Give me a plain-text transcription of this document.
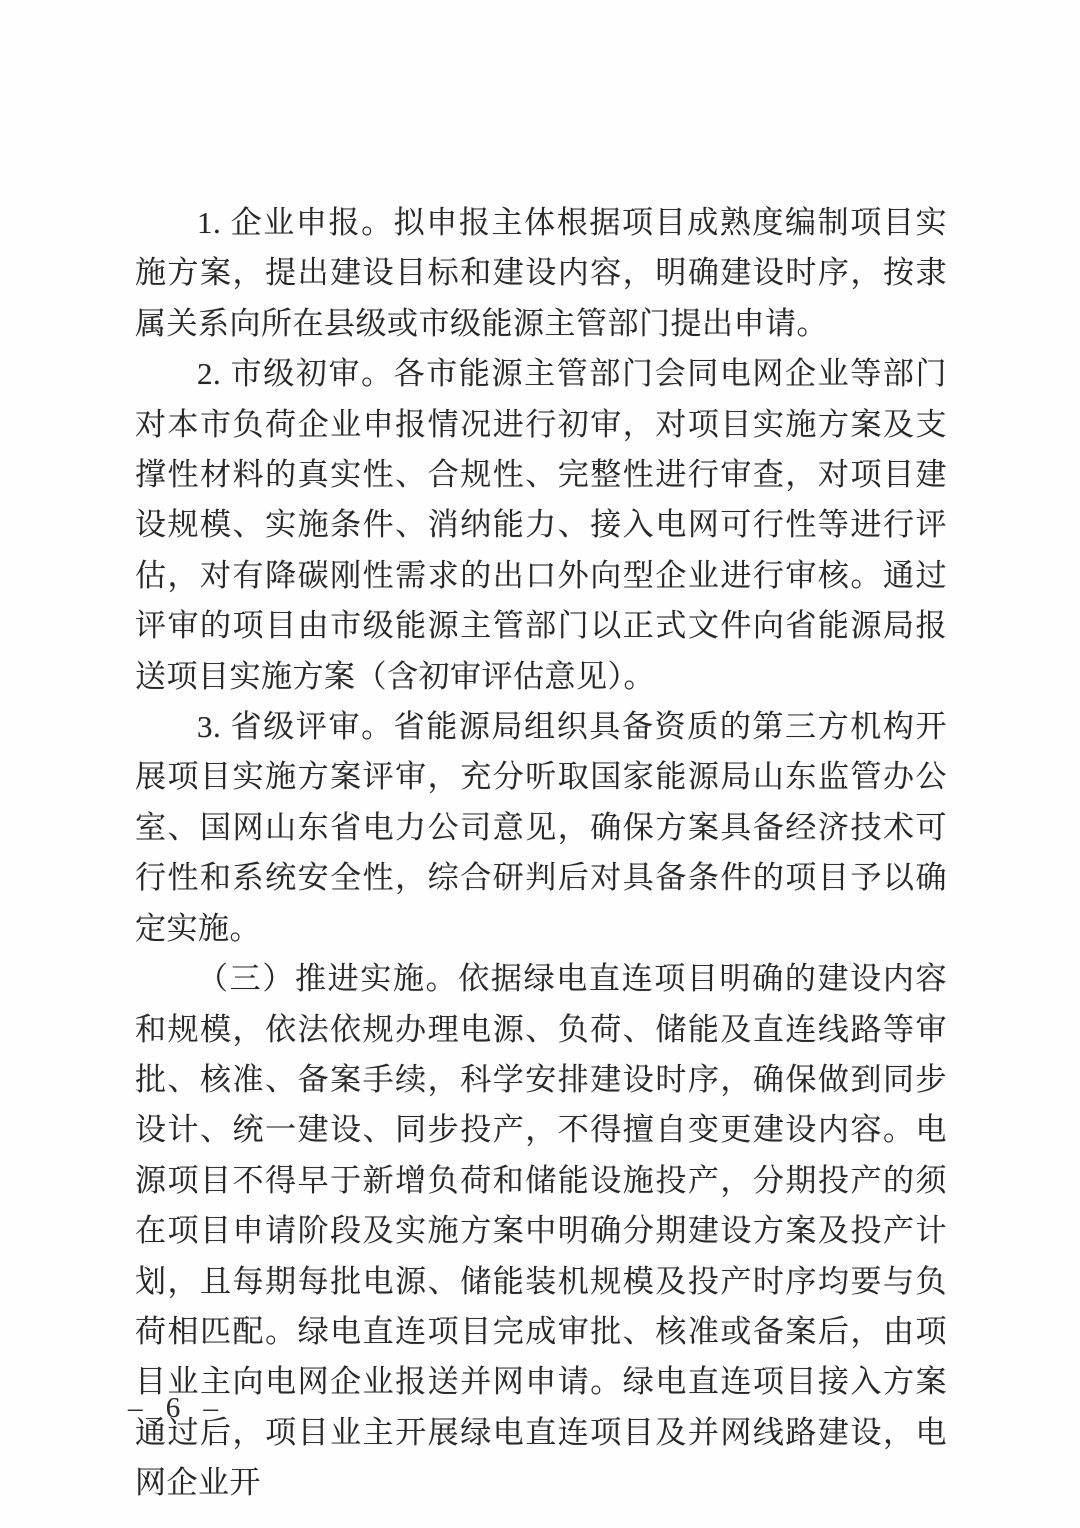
1. 企业申报。拟申报主体根据项目成熟度编制项目实施方案，提出建设目标和建设内容，明确建设时序，按隶属关系向所在县级或市级能源主管部门提出申请。

2. 市级初审。各市能源主管部门会同电网企业等部门对本市负荷企业申报情况进行初审，对项目实施方案及支撑性材料的真实性、合规性、完整性进行审查，对项目建设规模、实施条件、消纳能力、接入电网可行性等进行评估，对有降碳刚性需求的出口外向型企业进行审核。通过评审的项目由市级能源主管部门以正式文件向省能源局报送项目实施方案（含初审评估意见）。

3. 省级评审。省能源局组织具备资质的第三方机构开展项目实施方案评审，充分听取国家能源局山东监管办公室、国网山东省电力公司意见，确保方案具备经济技术可行性和系统安全性，综合研判后对具备条件的项目予以确定实施。

（三）推进实施。依据绿电直连项目明确的建设内容和规模，依法依规办理电源、负荷、储能及直连线路等审批、核准、备案手续，科学安排建设时序，确保做到同步设计、统一建设、同步投产，不得擅自变更建设内容。电源项目不得早于新增负荷和储能设施投产，分期投产的须在项目申请阶段及实施方案中明确分期建设方案及投产计划，且每期每批电源、储能装机规模及投产时序均要与负荷相匹配。绿电直连项目完成审批、核准或备案后，由项目业主向电网企业报送并网申请。绿电直连项目接入方案通过后，项目业主开展绿电直连项目及并网线路建设，电网企业开

– 6 –
